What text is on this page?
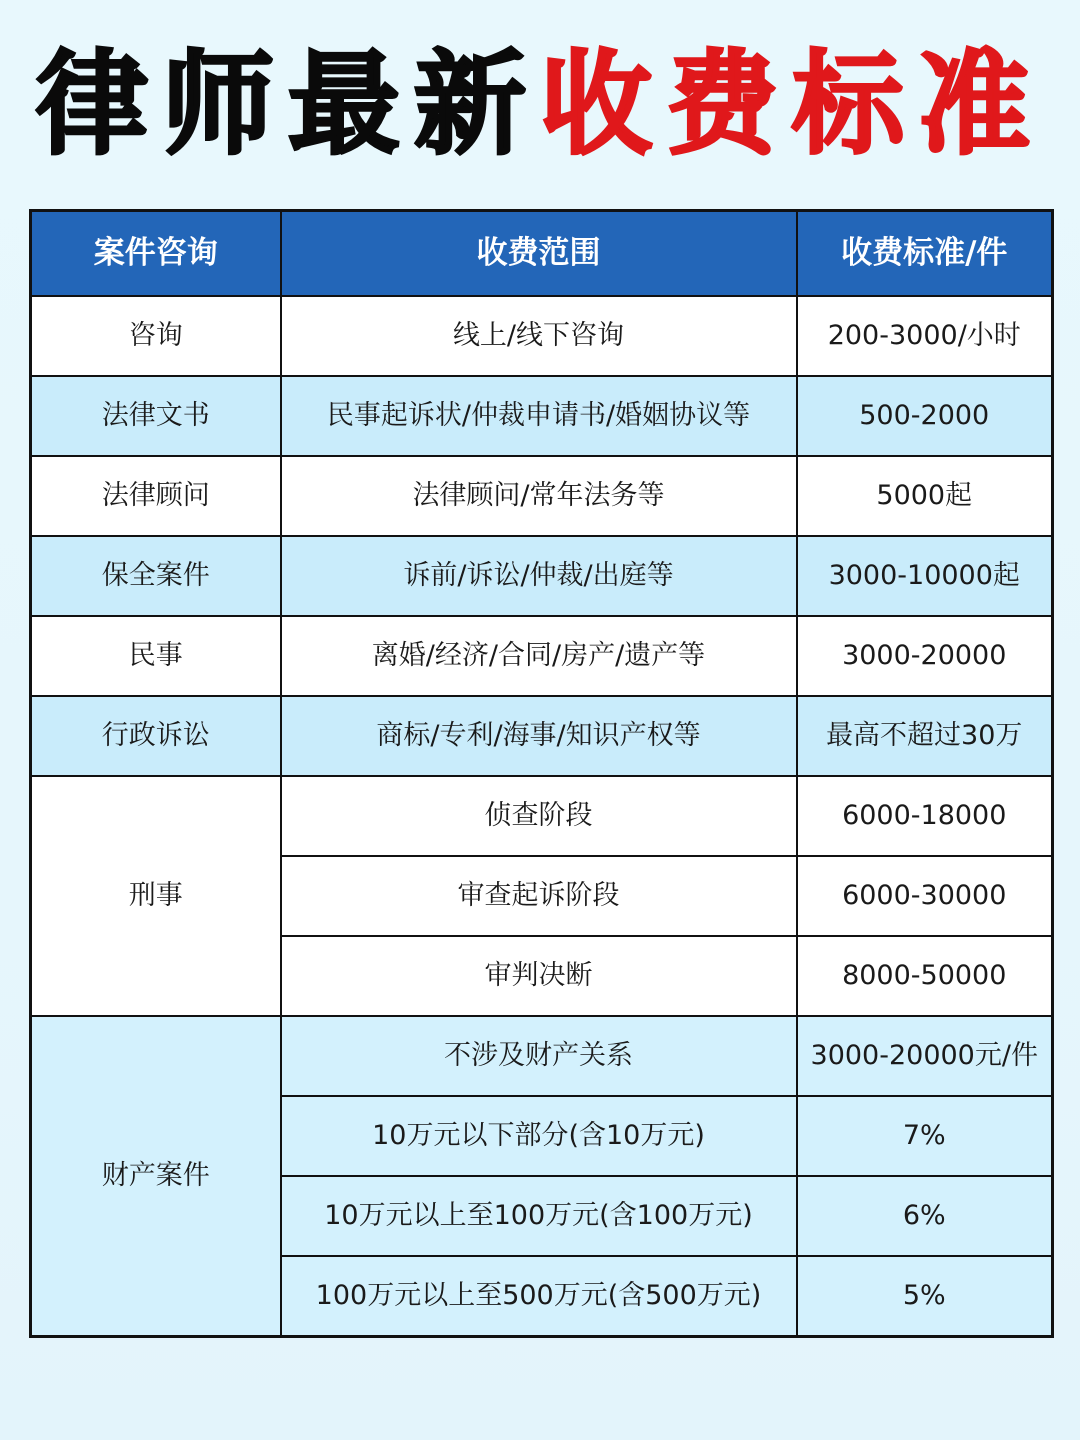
律师最新 收费标准
案件咨询	收费范围	收费标准/件
咨询	线上/线下咨询	200-3000/小时
法律文书	民事起诉状/仲裁申请书/婚姻协议等	500-2000
法律顾问	法律顾问/常年法务等	5000起
保全案件	诉前/诉讼/仲裁/出庭等	3000-10000起
民事	离婚/经济/合同/房产/遗产等	3000-20000
行政诉讼	商标/专利/海事/知识产权等	最高不超过30万
刑事	侦查阶段	6000-18000
	审查起诉阶段	6000-30000
	审判决断	8000-50000
财产案件	不涉及财产关系	3000-20000元/件
	10万元以下部分(含10万元)	7%
	10万元以上至100万元(含100万元)	6%
	100万元以上至500万元(含500万元)	5%
